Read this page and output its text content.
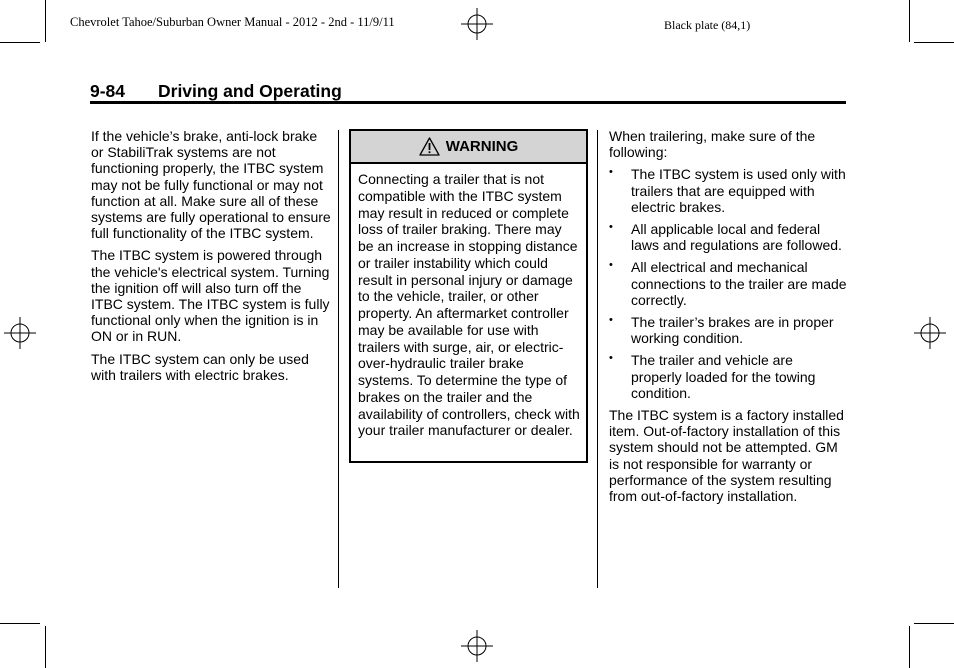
Chevrolet Tahoe/Suburban Owner Manual - 2012 - 2nd - 11/9/11	Black plate (84,1)
9-84 Driving and Operating

If the vehicle’s brake, anti-lock brake or StabiliTrak systems are not functioning properly, the ITBC system may not be fully functional or may not function at all. Make sure all of these systems are fully operational to ensure full functionality of the ITBC system.

The ITBC system is powered through the vehicle's electrical system. Turning the ignition off will also turn off the ITBC system. The ITBC system is fully functional only when the ignition is in ON or in RUN.

The ITBC system can only be used with trailers with electric brakes.

WARNING
Connecting a trailer that is not compatible with the ITBC system may result in reduced or complete loss of trailer braking. There may be an increase in stopping distance or trailer instability which could result in personal injury or damage to the vehicle, trailer, or other property. An aftermarket controller may be available for use with trailers with surge, air, or electric-over-hydraulic trailer brake systems. To determine the type of brakes on the trailer and the availability of controllers, check with your trailer manufacturer or dealer.

When trailering, make sure of the following:

• The ITBC system is used only with trailers that are equipped with electric brakes.
• All applicable local and federal laws and regulations are followed.
• All electrical and mechanical connections to the trailer are made correctly.
• The trailer’s brakes are in proper working condition.
• The trailer and vehicle are properly loaded for the towing condition.

The ITBC system is a factory installed item. Out-of-factory installation of this system should not be attempted. GM is not responsible for warranty or performance of the system resulting from out-of-factory installation.
